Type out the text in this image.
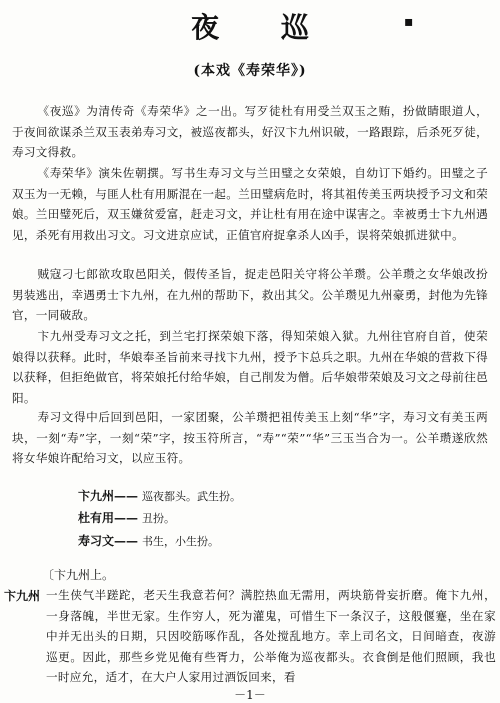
夜 巡	▪
(本戏《寿荣华》)

《夜巡》为清传奇《寿荣华》之一出。写歹徒杜有用受兰双玉之贿，扮做睛眼道人，于夜间欲谋杀兰双玉表弟寿习文，被巡夜都头，好汉卞九州识破，一路跟踪，后杀死歹徒，寿习文得救。

《寿荣华》演朱佐朝撰。写书生寿习文与兰田璧之女荣娘，自幼订下婚约。田璧之子双玉为一无赖，与匪人杜有用厮混在一起。兰田璧病危时，将其祖传美玉两块授予习文和荣娘。兰田璧死后，双玉嫌贫爱富，赶走习文，并让杜有用在途中谋害之。幸被勇士卞九州遇见，杀死有用救出习文。习文进京应试，正值官府捉拿杀人凶手，误将荣娘抓进狱中。

贼寇刁七郎欲攻取邑阳关，假传圣旨，捉走邑阳关守将公羊瓒。公羊瓒之女华娘改扮男装逃出，幸遇勇士卞九州，在九州的帮助下，救出其父。公羊瓒见九州豪勇，封他为先锋官，一同破敌。

卞九州受寿习文之托，到兰宅打探荣娘下落，得知荣娘入狱。九州往官府自首，使荣娘得以获释。此时，华娘奉圣旨前来寻找卞九州，授予卞总兵之职。九州在华娘的营救下得以获释，但拒绝做官，将荣娘托付给华娘，自己削发为僧。后华娘带荣娘及习文之母前往邑阳。

寿习文得中后回到邑阳，一家团聚，公羊瓒把祖传美玉上刻“华”字，寿习文有美玉两块，一刻“寿”字，一刻“荣”字，按玉符所言，“寿”“荣”“华”三玉当合为一。公羊瓒遂欣然将女华娘许配给习文，以应玉符。

卞九州—— 巡夜都头。武生扮。
杜有用—— 丑扮。
寿习文—— 书生，小生扮。
〔卞九州上。
卞九州 一生侠气半蹉跎，老天生我意若何？满腔热血无需用，两块筋骨妄折磨。俺卞九州，一身落魄，半世无家。生作穷人，死为灌鬼，可惜生下一条汉子，这般偃蹇，坐在家中并无出头的日期，只因咬筋啄作乱，各处搅乱地方。幸上司名文，日间暗查，夜游巡更。因此，那些乡党见俺有些胥力，公举俺为巡夜都头。衣食倒是他们照顾，我也一时应允，适才，在大户人家用过酒饭回来，看

－1－
